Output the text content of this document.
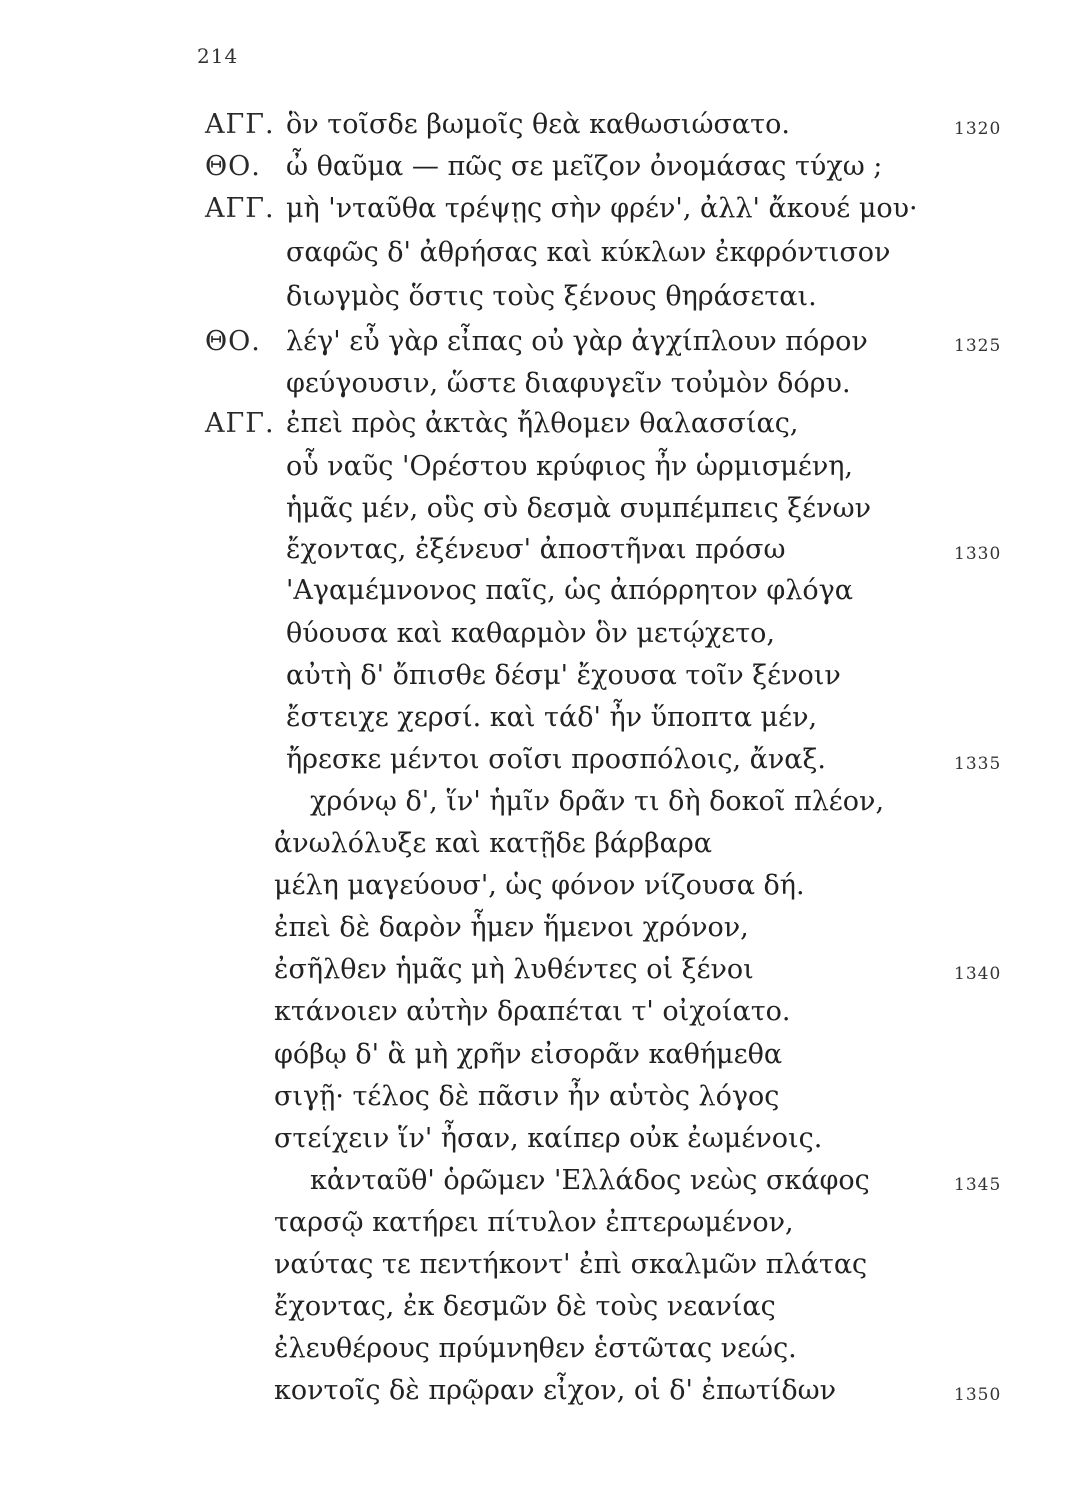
214
ΑΓΓ. ὃν τοῖσδε βωμοῖς θεὰ καθωσιώσατο.	1320
ΘΟ. ὦ θαῦμα — πῶς σε μεῖζον ὀνομάσας τύχω ;
ΑΓΓ. μὴ 'νταῦθα τρέψῃς σὴν φρέν', ἀλλ' ἄκουέ μου·
σαφῶς δ' ἀθρήσας καὶ κύκλων ἐκφρόντισον
διωγμὸς ὅστις τοὺς ξένους θηράσεται.
ΘΟ. λέγ' εὖ γὰρ εἶπας οὐ γὰρ ἀγχίπλουν πόρον	1325
φεύγουσιν, ὥστε διαφυγεῖν τοὐμὸν δόρυ.
ΑΓΓ. ἐπεὶ πρὸς ἀκτὰς ἤλθομεν θαλασσίας,
οὗ ναῦς 'Ορέστου κρύφιος ἦν ὡρμισμένη,
ἡμᾶς μέν, οὓς σὺ δεσμὰ συμπέμπεις ξένων
ἔχοντας, ἐξένευσ' ἀποστῆναι πρόσω	1330
'Αγαμέμνονος παῖς, ὡς ἀπόρρητον φλόγα
θύουσα καὶ καθαρμὸν ὃν μετῴχετο,
αὐτὴ δ' ὄπισθε δέσμ' ἔχουσα τοῖν ξένοιν
ἔστειχε χερσί. καὶ τάδ' ἦν ὕποπτα μέν,
ἤρεσκε μέντοι σοῖσι προσπόλοις, ἄναξ.	1335
χρόνῳ δ', ἵν' ἡμῖν δρᾶν τι δὴ δοκοῖ πλέον,
ἀνωλόλυξε καὶ κατῇδε βάρβαρα
μέλη μαγεύουσ', ὡς φόνον νίζουσα δή.
ἐπεὶ δὲ δαρὸν ἧμεν ἥμενοι χρόνον,
ἐσῆλθεν ἡμᾶς μὴ λυθέντες οἱ ξένοι	1340
κτάνοιεν αὐτὴν δραπέται τ' οἰχοίατο.
φόβῳ δ' ἃ μὴ χρῆν εἰσορᾶν καθήμεθα
σιγῇ· τέλος δὲ πᾶσιν ἦν αὑτὸς λόγος
στείχειν ἵν' ἦσαν, καίπερ οὐκ ἐωμένοις.
κἀνταῦθ' ὁρῶμεν 'Ελλάδος νεὼς σκάφος	1345
ταρσῷ κατήρει πίτυλον ἐπτερωμένον,
ναύτας τε πεντήκοντ' ἐπὶ σκαλμῶν πλάτας
ἔχοντας, ἐκ δεσμῶν δὲ τοὺς νεανίας
ἐλευθέρους πρύμνηθεν ἑστῶτας νεώς.
κοντοῖς δὲ πρῷραν εἶχον, οἱ δ' ἐπωτίδων	1350
